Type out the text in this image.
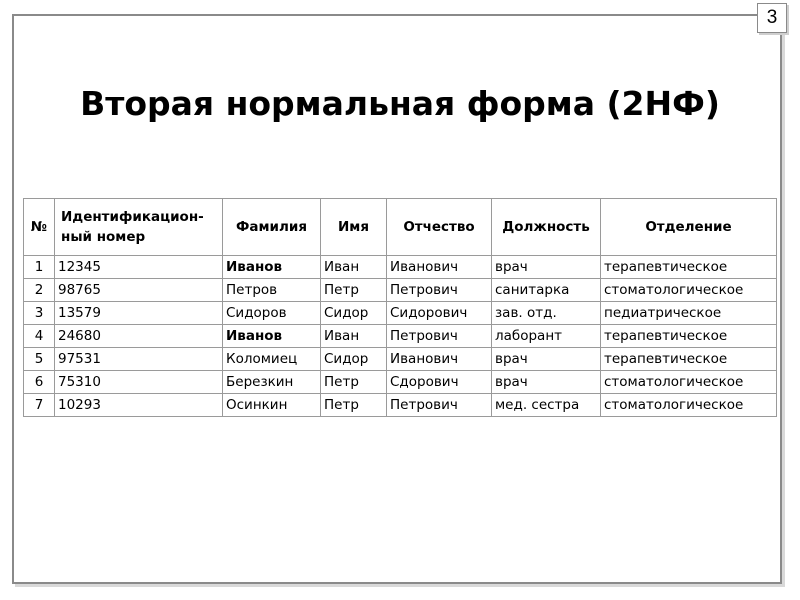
3
Вторая нормальная форма (2НФ)
№	Идентификацион-ный номер	Фамилия	Имя	Отчество	Должность	Отделение
1	12345	Иванов	Иван	Иванович	врач	терапевтическое
2	98765	Петров	Петр	Петрович	санитарка	стоматологическое
3	13579	Сидоров	Сидор	Сидорович	зав. отд.	педиатрическое
4	24680	Иванов	Иван	Петрович	лаборант	терапевтическое
5	97531	Коломиец	Сидор	Иванович	врач	терапевтическое
6	75310	Березкин	Петр	Сдорович	врач	стоматологическое
7	10293	Осинкин	Петр	Петрович	мед. сестра	стоматологическое
